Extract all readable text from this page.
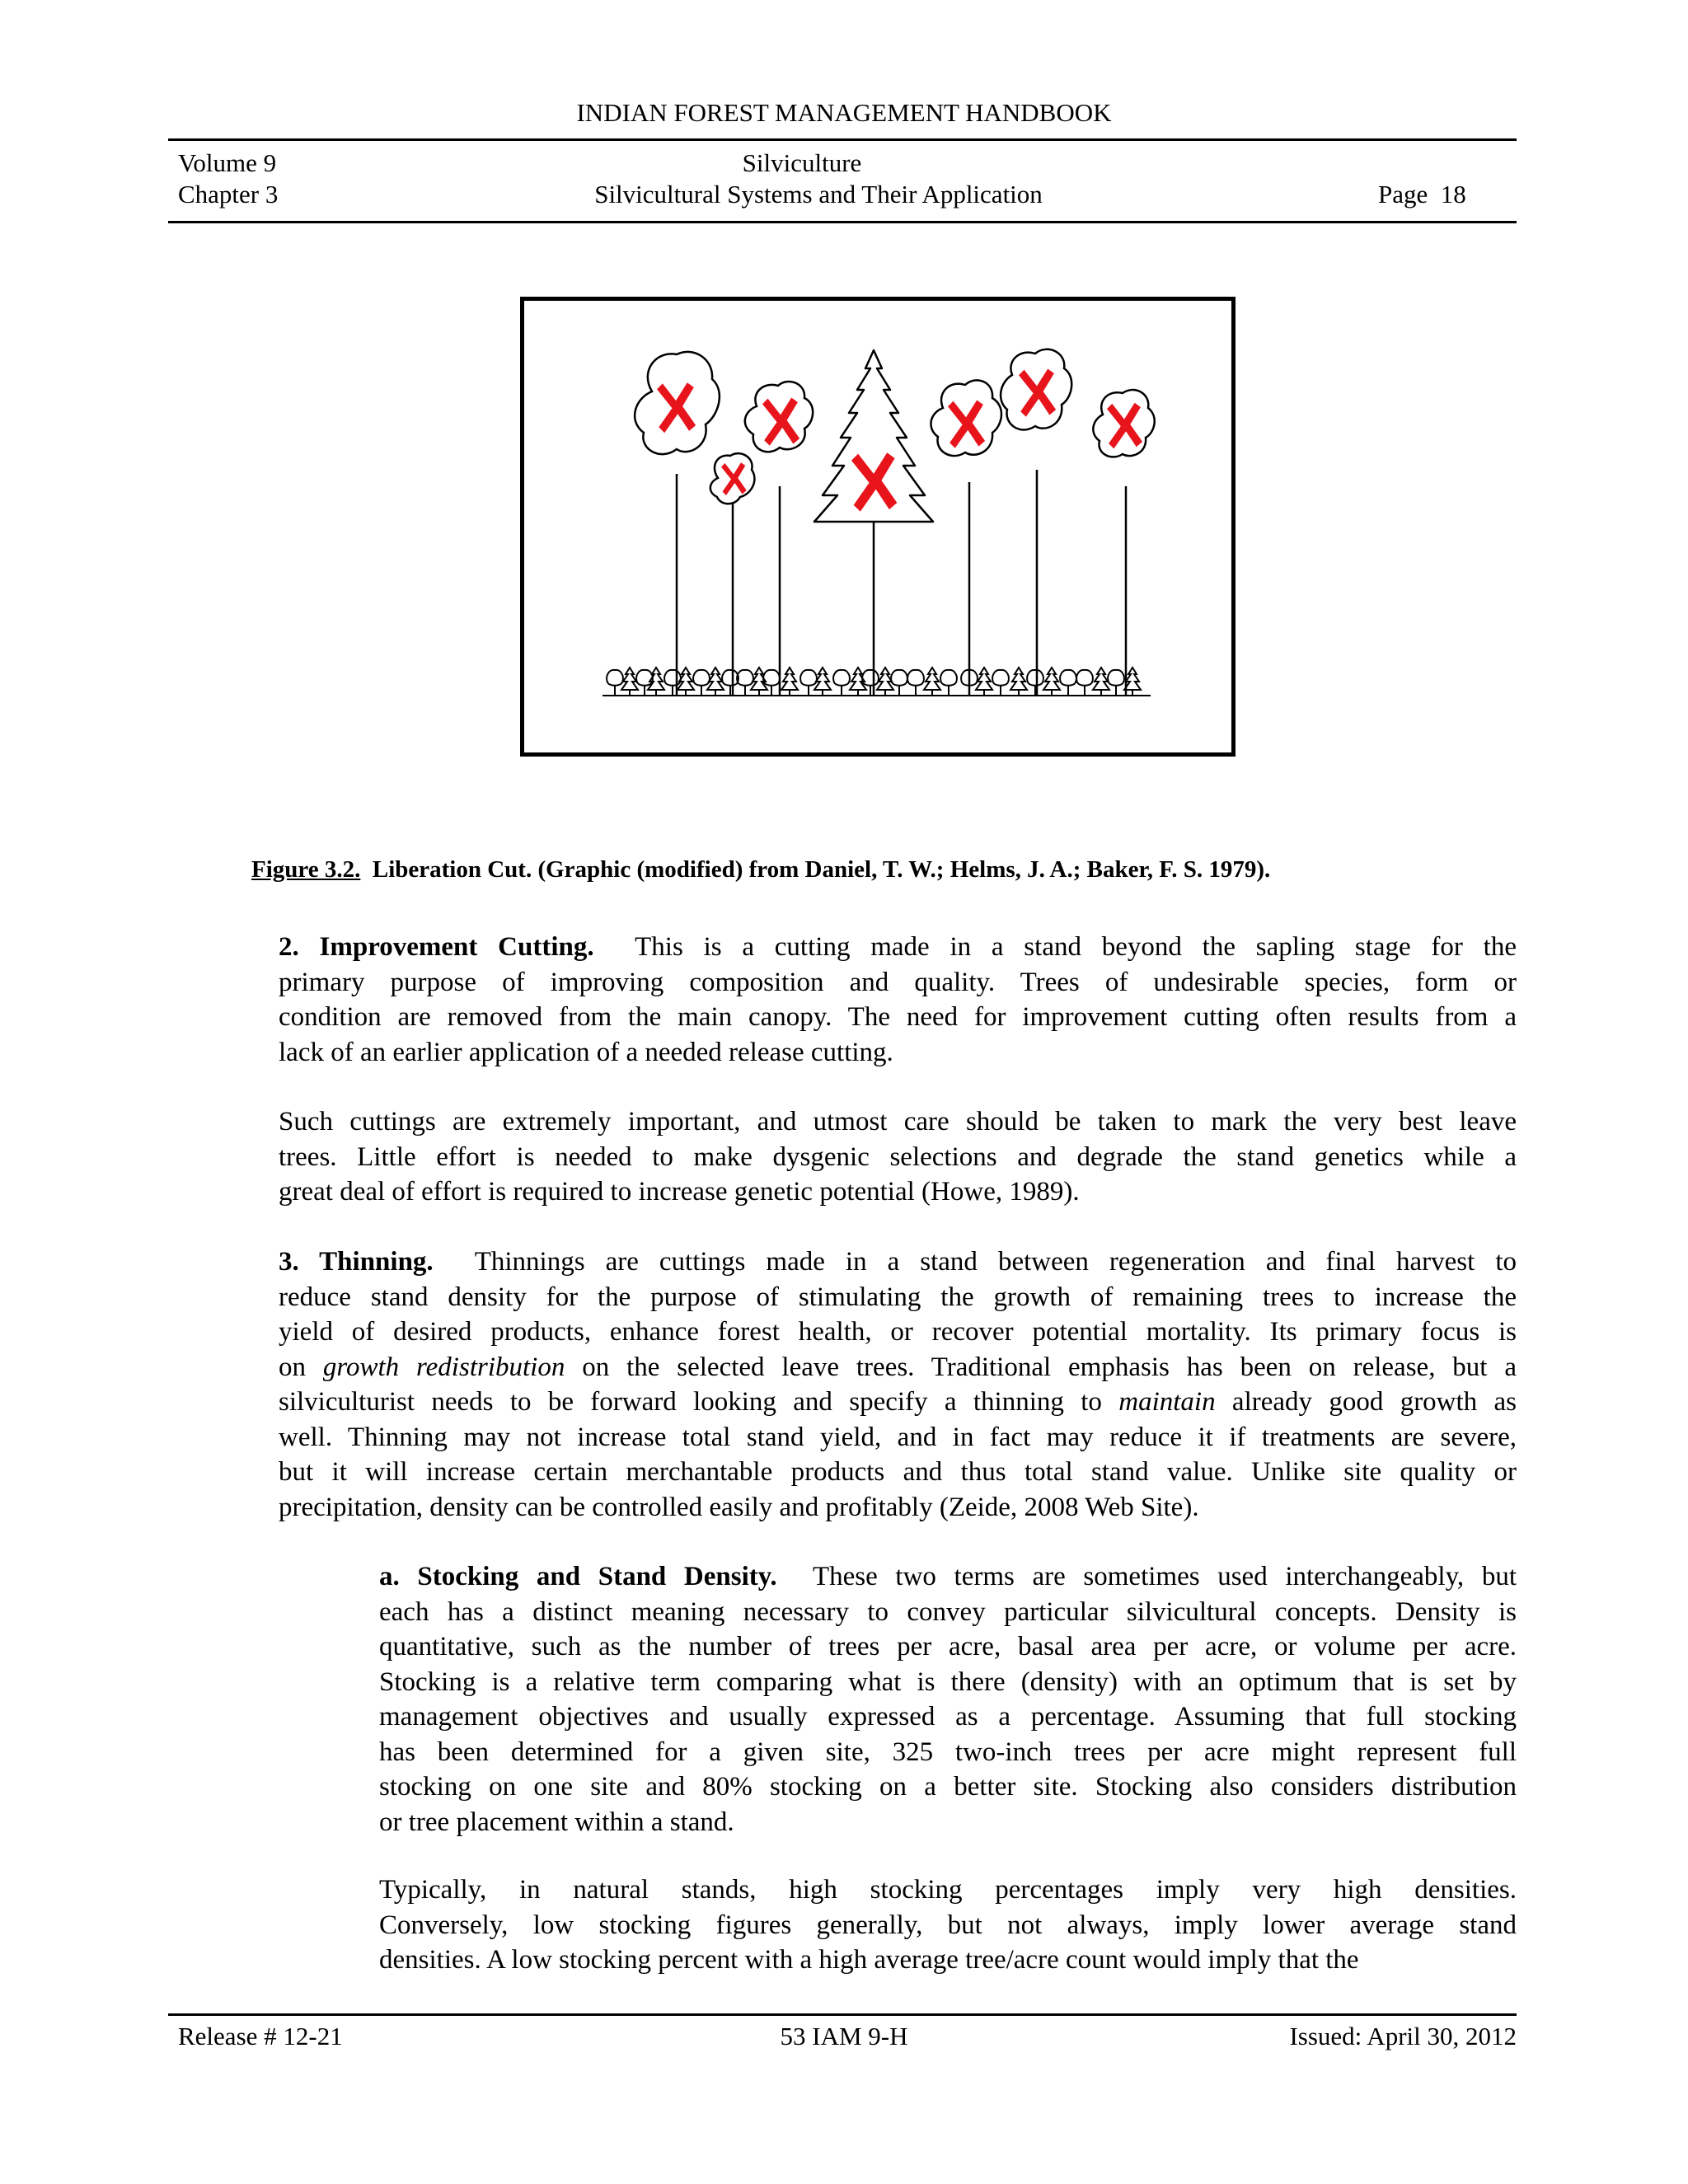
INDIAN FOREST MANAGEMENT HANDBOOK
Volume 9	Silviculture
Chapter 3	Silvicultural Systems and Their Application	Page  18
Figure 3.2. Liberation Cut. (Graphic (modified) from Daniel, T. W.; Helms, J. A.; Baker, F. S. 1979).
2. Improvement Cutting. This is a cutting made in a stand beyond the sapling stage for the
primary purpose of improving composition and quality. Trees of undesirable species, form or
condition are removed from the main canopy. The need for improvement cutting often results from a
lack of an earlier application of a needed release cutting.
Such cuttings are extremely important, and utmost care should be taken to mark the very best leave
trees. Little effort is needed to make dysgenic selections and degrade the stand genetics while a
great deal of effort is required to increase genetic potential (Howe, 1989).
3. Thinning. Thinnings are cuttings made in a stand between regeneration and final harvest to
reduce stand density for the purpose of stimulating the growth of remaining trees to increase the
yield of desired products, enhance forest health, or recover potential mortality. Its primary focus is
on growth redistribution on the selected leave trees. Traditional emphasis has been on release, but a
silviculturist needs to be forward looking and specify a thinning to maintain already good growth as
well. Thinning may not increase total stand yield, and in fact may reduce it if treatments are severe,
but it will increase certain merchantable products and thus total stand value. Unlike site quality or
precipitation, density can be controlled easily and profitably (Zeide, 2008 Web Site).
a. Stocking and Stand Density. These two terms are sometimes used interchangeably, but
each has a distinct meaning necessary to convey particular silvicultural concepts. Density is
quantitative, such as the number of trees per acre, basal area per acre, or volume per acre.
Stocking is a relative term comparing what is there (density) with an optimum that is set by
management objectives and usually expressed as a percentage. Assuming that full stocking
has been determined for a given site, 325 two-inch trees per acre might represent full
stocking on one site and 80% stocking on a better site. Stocking also considers distribution
or tree placement within a stand.
Typically, in natural stands, high stocking percentages imply very high densities.
Conversely, low stocking figures generally, but not always, imply lower average stand
densities. A low stocking percent with a high average tree/acre count would imply that the
Release # 12-21	53 IAM 9-H	Issued: April 30, 2012
